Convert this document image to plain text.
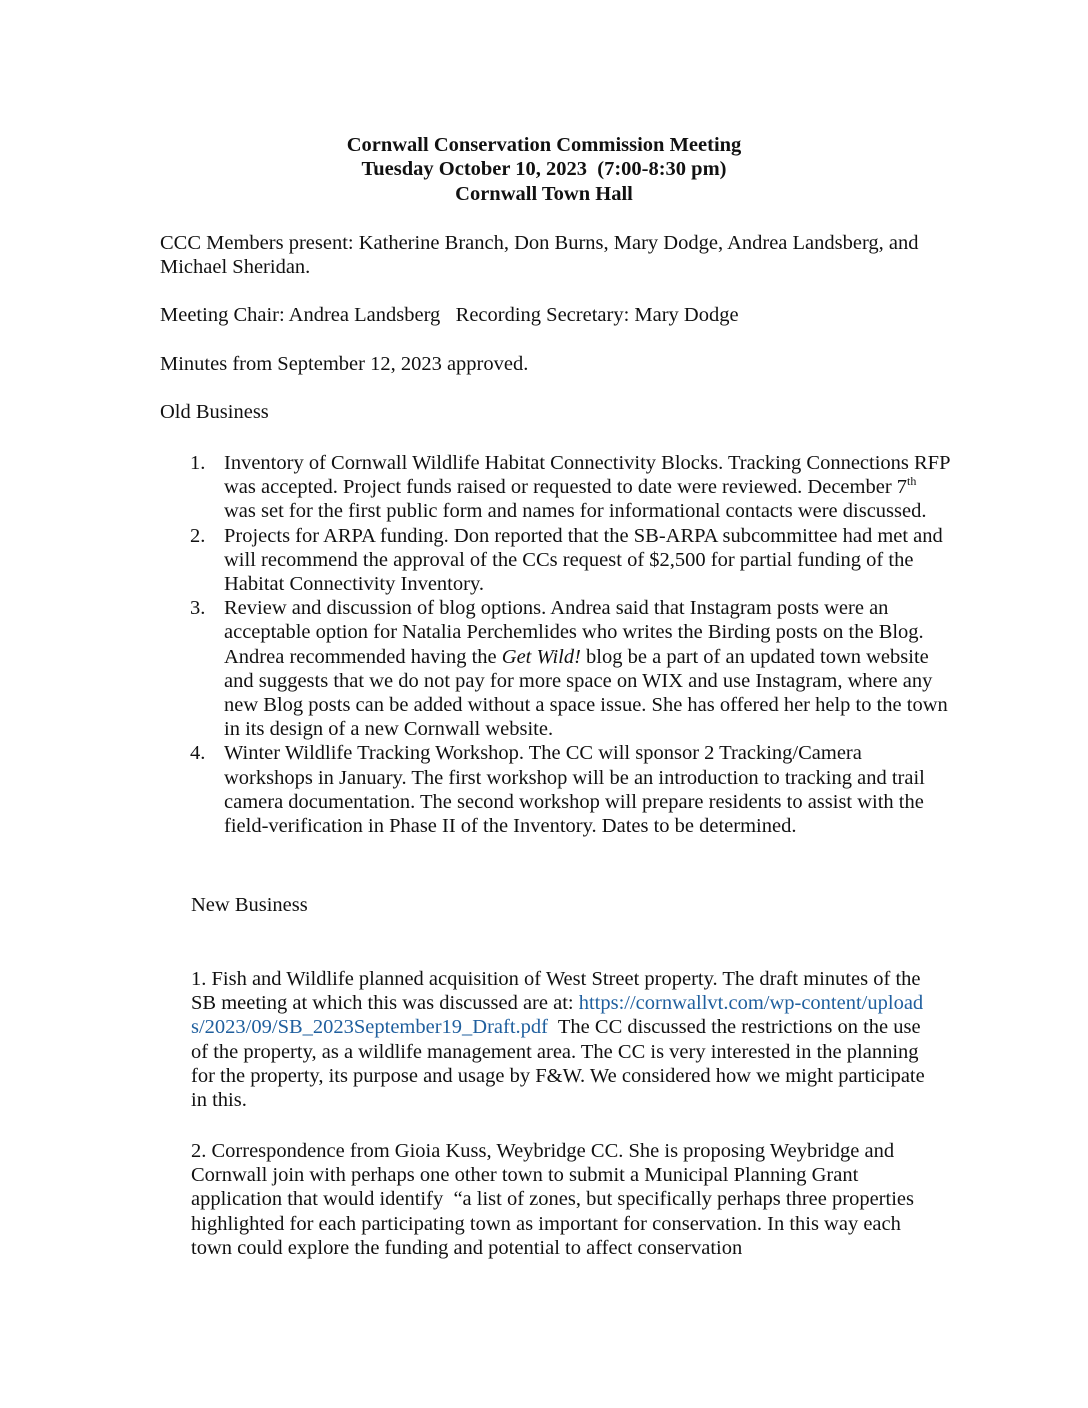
Cornwall Conservation Commission Meeting
Tuesday October 10, 2023  (7:00-8:30 pm)
Cornwall Town Hall

CCC Members present: Katherine Branch, Don Burns, Mary Dodge, Andrea Landsberg, and Michael Sheridan.

Meeting Chair: Andrea Landsberg   Recording Secretary: Mary Dodge

Minutes from September 12, 2023 approved.

Old Business

1. Inventory of Cornwall Wildlife Habitat Connectivity Blocks. Tracking Connections RFP was accepted. Project funds raised or requested to date were reviewed. December 7th was set for the first public form and names for informational contacts were discussed.
2. Projects for ARPA funding. Don reported that the SB-ARPA subcommittee had met and will recommend the approval of the CCs request of $2,500 for partial funding of the Habitat Connectivity Inventory.
3. Review and discussion of blog options. Andrea said that Instagram posts were an acceptable option for Natalia Perchemlides who writes the Birding posts on the Blog. Andrea recommended having the Get Wild! blog be a part of an updated town website and suggests that we do not pay for more space on WIX and use Instagram, where any new Blog posts can be added without a space issue. She has offered her help to the town in its design of a new Cornwall website.
4. Winter Wildlife Tracking Workshop. The CC will sponsor 2 Tracking/Camera workshops in January. The first workshop will be an introduction to tracking and trail camera documentation. The second workshop will prepare residents to assist with the field-verification in Phase II of the Inventory. Dates to be determined.

New Business

1. Fish and Wildlife planned acquisition of West Street property. The draft minutes of the SB meeting at which this was discussed are at: https://cornwallvt.com/wp-content/uploads/2023/09/SB_2023September19_Draft.pdf  The CC discussed the restrictions on the use of the property, as a wildlife management area. The CC is very interested in the planning for the property, its purpose and usage by F&W. We considered how we might participate in this.

2. Correspondence from Gioia Kuss, Weybridge CC. She is proposing Weybridge and Cornwall join with perhaps one other town to submit a Municipal Planning Grant application that would identify  “a list of zones, but specifically perhaps three properties highlighted for each participating town as important for conservation. In this way each town could explore the funding and potential to affect conservation
